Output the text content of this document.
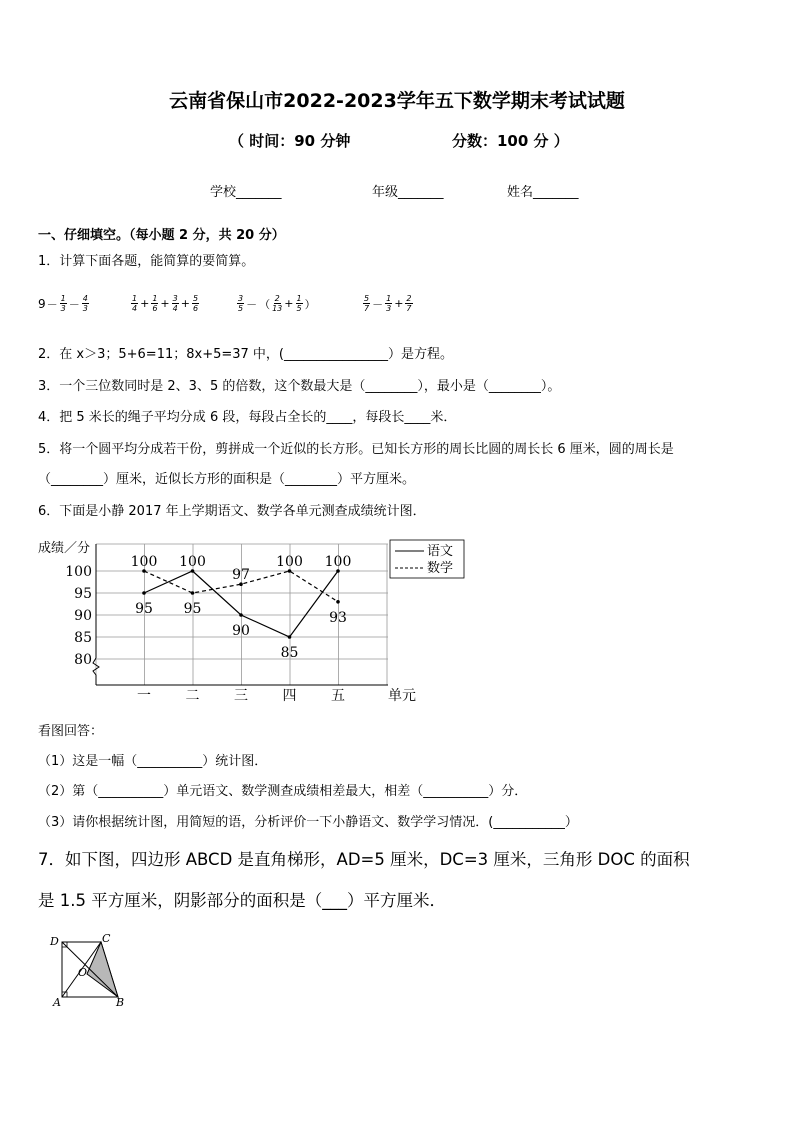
云南省保山市2022-2023学年五下数学期末考试试题
（ 时间：90 分钟	分数：100 分 ）
学校_______	年级_______	姓名_______
一、仔细填空。（每小题 2 分，共 20 分）
1．计算下面各题，能简算的要简算。
$9 - \frac{1}{3} - \frac{4}{3}$	$\frac{1}{4} + \frac{1}{6} + \frac{3}{4} + \frac{5}{6}$	$\frac{3}{5}$ － （ $\frac{2}{13} + \frac{1}{5}$ ）	$\frac{5}{7} - \frac{1}{3} + \frac{2}{7}$
2．在 x＞3；5+6=11；8x+5=37 中，(________________）是方程。
3．一个三位数同时是 2、3、5 的倍数，这个数最大是（________），最小是（________）。
4．把 5 米长的绳子平均分成 6 段，每段占全长的____，每段长____米．
5．将一个圆平均分成若干份，剪拼成一个近似的长方形。已知长方形的周长比圆的周长长 6 厘米，圆的周长是
（________）厘米，近似长方形的面积是（________）平方厘米。
6．下面是小静 2017 年上学期语文、数学各单元测查成绩统计图．
100
95
90
85
80
成绩／分
一 二 三 四 五	单元
100 100
97
100 100
95 95
90
85
93
语文
数学
看图回答：
（1）这是一幅（__________）统计图．
（2）第（__________）单元语文、数学测查成绩相差最大，相差（__________）分．
（3）请你根据统计图，用简短的语，分析评价一下小静语文、数学学习情况．(___________）
7．如下图，四边形 ABCD 是直角梯形，AD=5 厘米，DC=3 厘米，三角形 DOC 的面积
是 1.5 平方厘米，阴影部分的面积是（___）平方厘米．
D	C
O
A	B
